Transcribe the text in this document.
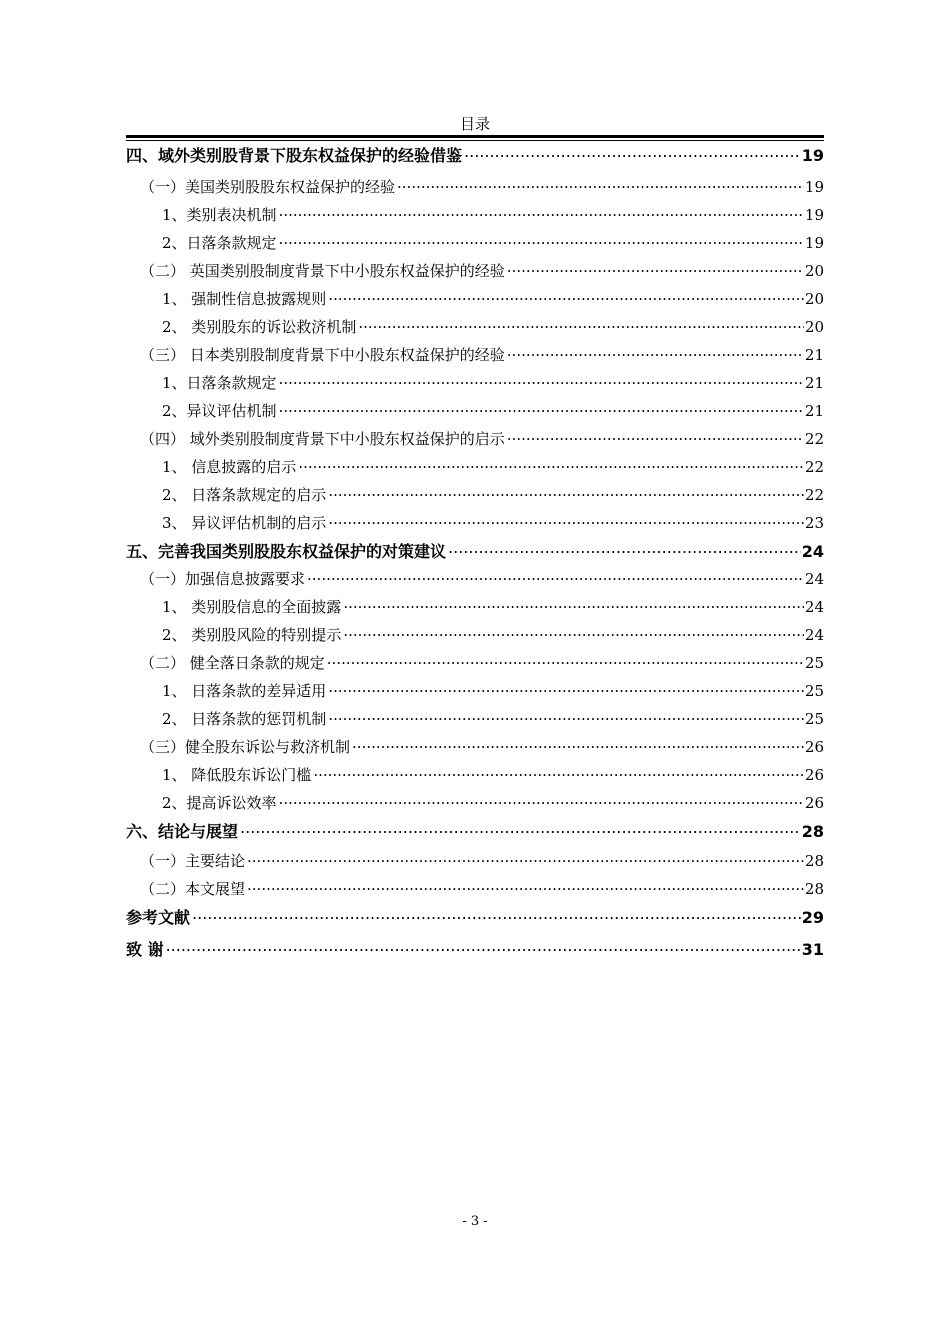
目录
四、域外类别股背景下股东权益保护的经验借鉴 .....	19
（一）美国类别股股东权益保护的经验 .....	19
1、类别表决机制 .....	19
2、日落条款规定 .....	19
（二） 英国类别股制度背景下中小股东权益保护的经验 .....	20
1、 强制性信息披露规则 .....	20
2、 类别股东的诉讼救济机制 .....	20
（三） 日本类别股制度背景下中小股东权益保护的经验 .....	21
1、日落条款规定 .....	21
2、异议评估机制 .....	21
（四） 域外类别股制度背景下中小股东权益保护的启示 .....	22
1、 信息披露的启示 .....	22
2、 日落条款规定的启示 .....	22
3、 异议评估机制的启示 .....	23
五、完善我国类别股股东权益保护的对策建议 .....	24
（一）加强信息披露要求 .....	24
1、 类别股信息的全面披露 .....	24
2、 类别股风险的特别提示 .....	24
（二） 健全落日条款的规定 .....	25
1、 日落条款的差异适用 .....	25
2、 日落条款的惩罚机制 .....	25
（三）健全股东诉讼与救济机制 .....	26
1、 降低股东诉讼门槛 .....	26
2、提高诉讼效率 .....	26
六、结论与展望 .....	28
（一）主要结论 .....	28
（二）本文展望 .....	28
参考文献 .....	29
致 谢 .....	31
- 3 -
